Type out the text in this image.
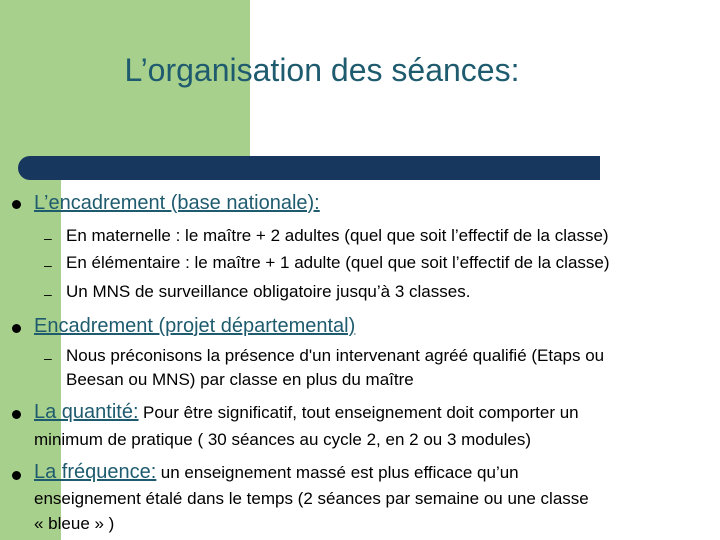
L’organisation des séances:
L’encadrement (base nationale):
– En maternelle : le maître + 2 adultes (quel que soit l’effectif de la classe)
– En élémentaire : le maître + 1 adulte (quel que soit l’effectif de la classe)
– Un MNS de surveillance obligatoire jusqu’à 3 classes.
Encadrement (projet départemental)
– Nous préconisons la présence d'un intervenant agréé qualifié (Etaps ou
Beesan ou MNS) par classe en plus du maître
La quantité: Pour être significatif, tout enseignement doit comporter un
minimum de pratique ( 30 séances au cycle 2, en 2 ou 3 modules)
La fréquence: un enseignement massé est plus efficace qu’un
enseignement étalé dans le temps (2 séances par semaine ou une classe
« bleue » )
